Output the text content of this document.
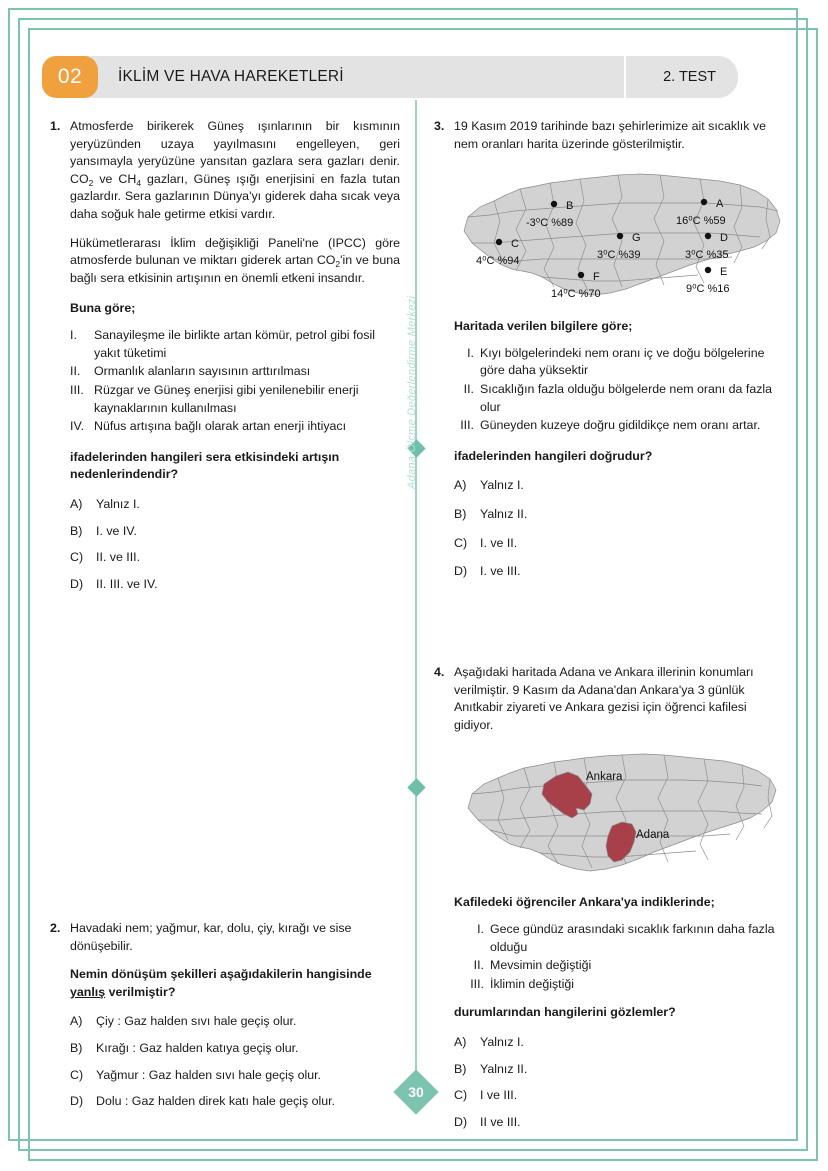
02	İKLİM VE HAVA HAREKETLERİ	2. TEST
30
Adana Ölçme Değerlendirme Merkezi
1. Atmosferde birikerek Güneş ışınlarının bir kısmının yeryüzünden uzaya yayılmasını engelleyen, geri yansımayla yeryüzüne yansıtan gazlara sera gazları denir. $CO_2$ ve $CH_4$ gazları, Güneş ışığı enerjisini en fazla tutan gazlardır. Sera gazlarının Dünya'yı giderek daha sıcak veya daha soğuk hale getirme etkisi vardır.

Hükümetlerarası İklim değişikliği Paneli'ne (IPCC) göre atmosferde bulunan ve miktarı giderek artan $CO_2'in$ ve buna bağlı sera etkisinin artışının en önemli etkeni insandır.

Buna göre;
I.	Sanayileşme ile birlikte artan kömür, petrol gibi fosil yakıt tüketimi
II.	Ormanlık alanların sayısının arttırılması
III. Rüzgar ve Güneş enerjisi gibi yenilenebilir enerji kaynaklarının kullanılması
IV. Nüfus artışına bağlı olarak artan enerji ihtiyacı
ifadelerinden hangileri sera etkisindeki artışın nedenlerindendir?
A)	Yalnız I.
B)	I. ve IV.
C)	II. ve III.
D)	II. III. ve IV.
2. Havadaki nem; yağmur, kar, dolu, çiy, kırağı ve sise dönüşebilir.

Nemin dönüşüm şekilleri aşağıdakilerin hangisinde yanlış verilmiştir?
A)	Çiy : Gaz halden sıvı hale geçiş olur.
B)	Kırağı : Gaz halden katıya geçiş olur.
C)	Yağmur : Gaz halden sıvı hale geçiş olur.
D)	Dolu : Gaz halden direk katı hale geçiş olur.
3. 19 Kasım 2019 tarihinde bazı şehirlerimize ait sıcaklık ve nem oranları harita üzerinde gösterilmiştir.

B
-3⁰C %89
A
16⁰C %59
G
3⁰C %39
D
3⁰C %35
C
4⁰C %94
E
9⁰C %16
F
14⁰C %70
Haritada verilen bilgilere göre;
I. Kıyı bölgelerindeki nem oranı iç ve doğu bölgelerine göre daha yüksektir
II. Sıcaklığın fazla olduğu bölgelerde nem oranı da fazla olur
III. Güneyden kuzeye doğru gidildikçe nem oranı artar.
ifadelerinden hangileri doğrudur?
A)	Yalnız I.
B)	Yalnız II.
C)	I. ve II.
D)	I. ve III.
4. Aşağıdaki haritada Adana ve Ankara illerinin konumları verilmiştir. 9 Kasım da Adana'dan Ankara'ya 3 günlük Anıtkabir ziyareti ve Ankara gezisi için öğrenci kafilesi gidiyor.

Ankara
Adana
Kafiledeki öğrenciler Ankara'ya indiklerinde;
I. Gece gündüz arasındaki sıcaklık farkının daha fazla olduğu
II. Mevsimin değiştiği
III. İklimin değiştiği
durumlarından hangilerini gözlemler?
A)	Yalnız I.
B)	Yalnız II.
C)	I ve III.
D)	II ve III.
